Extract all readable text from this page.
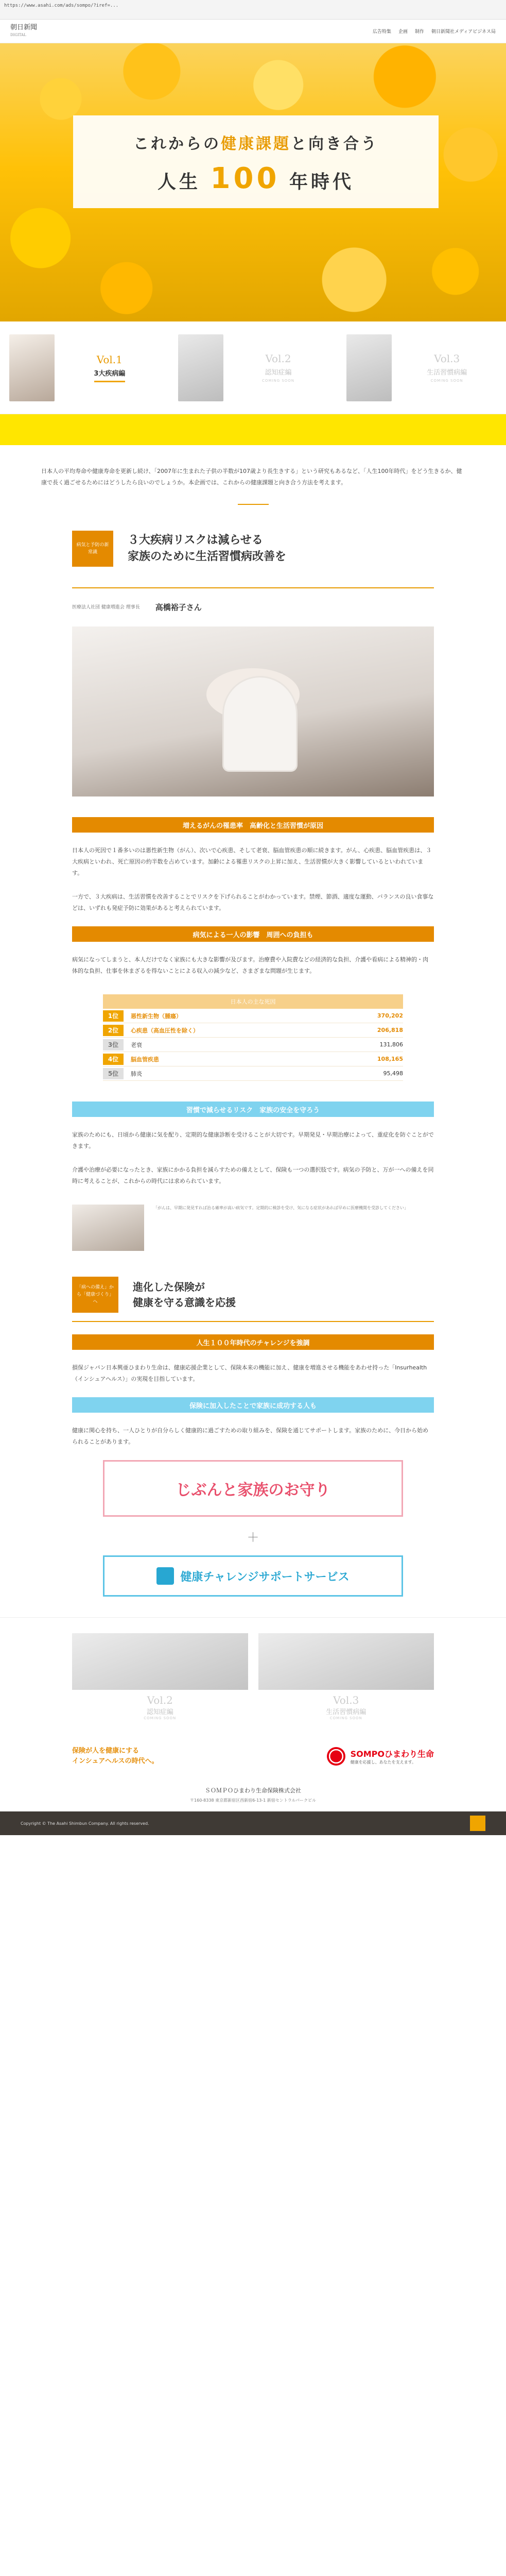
https://www.asahi.com/ads/sompo/?iref=...
朝日新聞
DIGITAL
広告特集 企画 制作 朝日新聞社メディアビジネス局
これからの健康課題と向き合う
人生 100 年時代
Vol.1
3大疾病編
Vol.2
認知症編
COMING SOON
Vol.3
生活習慣病編
COMING SOON
日本人の平均寿命や健康寿命を更新し続け、「2007年に生まれた子供の半数が107歳より長生きする」という研究もあるなど、「人生100年時代」をどう生きるか、健康で長く過ごせるためにはどうしたら良いのでしょうか。本企画では、これからの健康課題と向き合う方法を考えます。
病気と予防の新常識
３大疾病リスクは減らせる
家族のために生活習慣病改善を
医療法人社団 健康増進会 理事長 高橋裕子さん
増えるがんの罹患率　高齢化と生活習慣が原因

日本人の死因で１番多いのは悪性新生物（がん）、次いで心疾患、そして老衰、脳血管疾患の順に続きます。がん、心疾患、脳血管疾患は、３大疾病といわれ、死亡原因の約半数を占めています。加齢による罹患リスクの上昇に加え、生活習慣が大きく影響しているといわれています。

一方で、３大疾病は、生活習慣を改善することでリスクを下げられることがわかっています。禁煙、節酒、適度な運動、バランスの良い食事などは、いずれも発症予防に効果があると考えられています。

病気による一人の影響　周囲への負担も

病気になってしまうと、本人だけでなく家族にも大きな影響が及びます。治療費や入院費などの経済的な負担、介護や看病による精神的・肉体的な負担、仕事を休まざるを得ないことによる収入の減少など、さまざまな問題が生じます。

日本人の主な死因
1位	悪性新生物（腫瘍）	370,202
2位	心疾患（高血圧性を除く）	206,818
3位	老衰	131,806
4位	脳血管疾患	108,165
5位	肺炎	95,498
習慣で減らせるリスク　家族の安全を守ろう

家族のためにも、日頃から健康に気を配り、定期的な健康診断を受けることが大切です。早期発見・早期治療によって、重症化を防ぐことができます。

介護や治療が必要になったとき、家族にかかる負担を減らすための備えとして、保険も一つの選択肢です。病気の予防と、万が一への備えを同時に考えることが、これからの時代には求められています。

「がんは、早期に発見すれば治る確率が高い病気です。定期的に検診を受け、気になる症状があれば早めに医療機関を受診してください」
「病への備え」から「健康づくり」へ
進化した保険が
健康を守る意識を応援
人生１００年時代のチャレンジを強調

損保ジャパン日本興亜ひまわり生命は、健康応援企業として、保険本来の機能に加え、健康を増進させる機能をあわせ持った「Insurhealth（インシュアヘルス）」の実現を目指しています。

保険に加入したことで家族に成功する人も

健康に関心を持ち、一人ひとりが自分らしく健康的に過ごすための取り組みを、保険を通じてサポートします。家族のために、今日から始められることがあります。

じぶんと家族のお守り
＋
健康チャレンジサポートサービス
Vol.2
認知症編
COMING SOON
Vol.3
生活習慣病編
COMING SOON
保険が人を健康にする
インシュアヘルスの時代へ。
SOMPOひまわり生命
健康を応援し、あなたを支えます。
ＳＯＭＰＯひまわり生命保険株式会社
〒160-8338 東京都新宿区西新宿6-13-1 新宿セントラルパークビル
Copyright © The Asahi Shimbun Company. All rights reserved.
